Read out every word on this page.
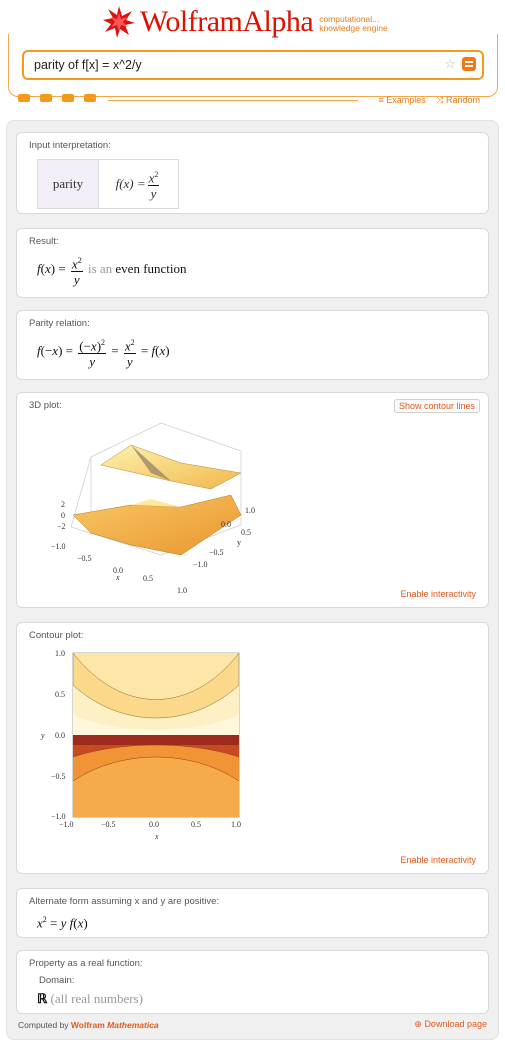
WolframAlpha computational...
knowledge engine
parity of f[x] = x^2/y	☆
≡ Examples ⤨ Random
Input interpretation:
parity	$f(x) = \frac{x^2}{y}$
Result:
$f(x) = \frac{x^2}{y}$ is an even function
Parity relation:
$f(-x) = \frac{(-x)^2}{y} = \frac{x^2}{y} = f(x)$
3D plot:	Show contour lines
2
0
−2
−1.0
−0.5
0.0
x	0.5
1.0
1.0
0.5
0.0
y
−0.5
−1.0
Enable interactivity
Contour plot:
1.0
0.5
0.0
y
−0.5
−1.0
−1.0	−0.5	0.0	0.5	1.0
x
Enable interactivity
Alternate form assuming x and y are positive:
$x^2 = y$ f(x)
Property as a real function:
Domain:
ℝ (all real numbers)
Computed by Wolfram Mathematica	⊕ Download page
